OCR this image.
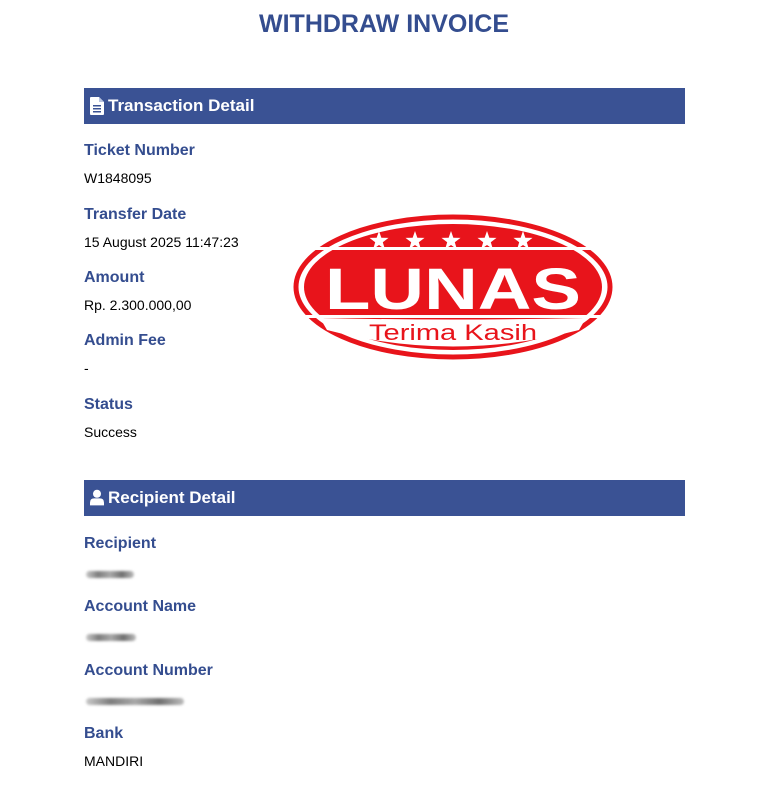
WITHDRAW INVOICE
Transaction Detail
Ticket Number
W1848095
Transfer Date
15 August 2025 11:47:23
Amount
Rp. 2.300.000,00
Admin Fee
-
Status
Success
Recipient Detail
Recipient
Account Name
Account Number
Bank
MANDIRI
LUNAS
Terima Kasih
